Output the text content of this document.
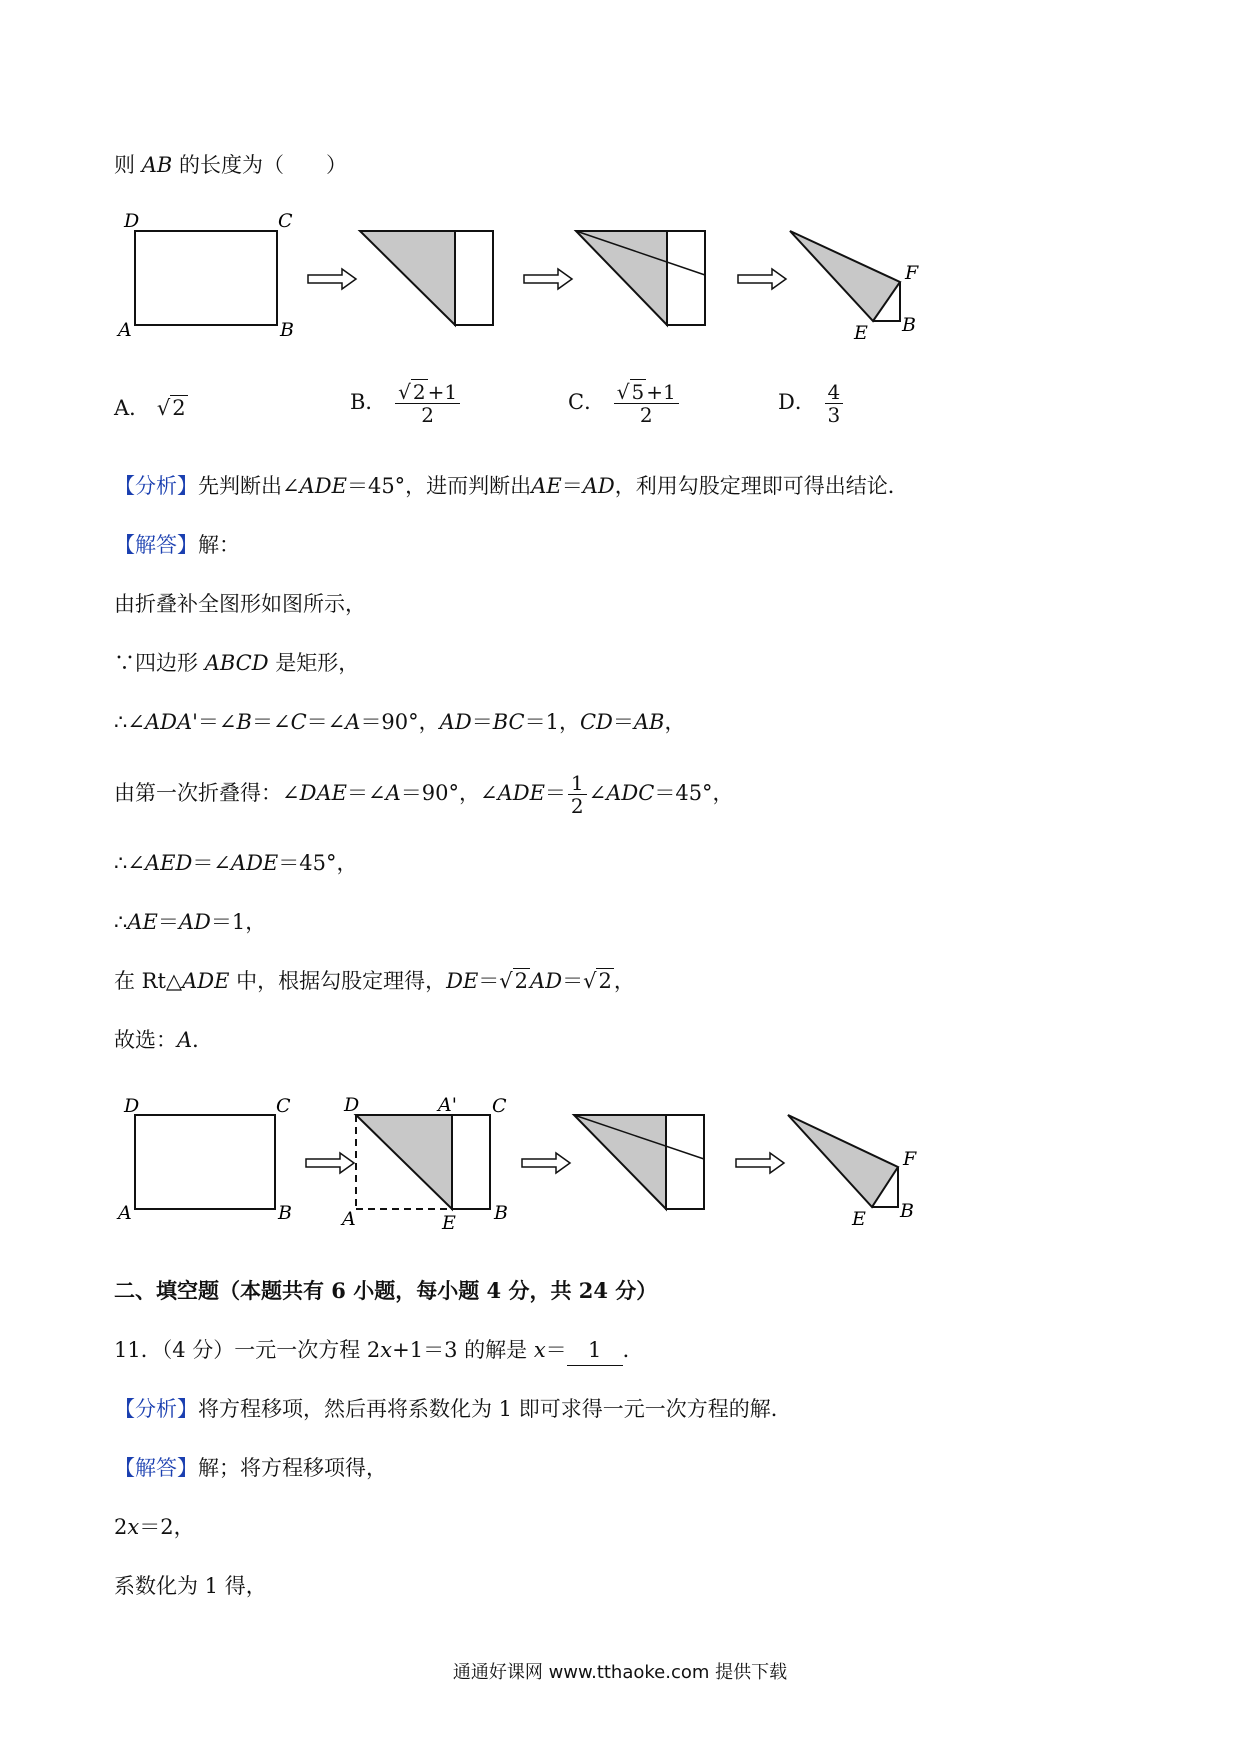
则 AB 的长度为（　　）
D	C
A	B	E B
F
A． √2	B． $\frac{√ 2 +1}{2}$	C． $\frac{√ 5 +1}{2}$	D． $\frac{4}{3}$
【分析】先判断出∠ADE＝45°，进而判断出AE＝AD，利用勾股定理即可得出结论．
【解答】解：
由折叠补全图形如图所示，
∵四边形 ABCD 是矩形，
∴∠ADA'＝∠B＝∠C＝∠A＝90°，AD＝BC＝1，CD＝AB，
由第一次折叠得：∠DAE＝∠A＝90°，∠ADE＝ $\frac{1}{2}$ ∠ADC＝45°，
∴∠AED＝∠ADE＝45°，
∴AE＝AD＝1，
在 Rt△ADE 中，根据勾股定理得，DE＝√2AD＝√2，
故选：A．
D	C
A	B
D	A' C
A	E B	E B
F
二、填空题（本题共有 6 小题，每小题 4 分，共 24 分）
11．（4 分）一元一次方程 2x+1＝3 的解是 x＝ 1 ．
【分析】将方程移项，然后再将系数化为 1 即可求得一元一次方程的解．
【解答】解；将方程移项得，
2x＝2，
系数化为 1 得，
通通好课网 www.tthaoke.com 提供下载
